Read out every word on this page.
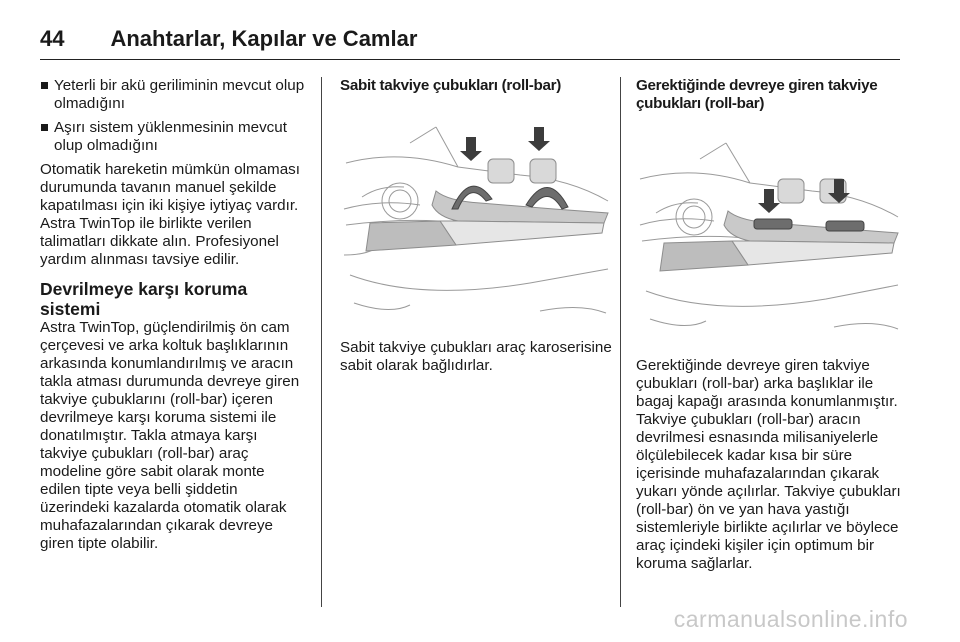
44 Anahtarlar, Kapılar ve Camlar
Yeterli bir akü geriliminin mevcut olup olmadığını
Aşırı sistem yüklenmesinin mevcut olup olmadığını

Otomatik hareketin mümkün olmaması durumunda tavanın manuel şekilde kapatılması için iki kişiye iytiyaç vardır. Astra TwinTop ile birlikte verilen talimatları dikkate alın. Profesiyonel yardım alınması tavsiye edilir.

Devrilmeye karşı koruma sistemi

Astra TwinTop, güçlendirilmiş ön cam çerçevesi ve arka koltuk başlıklarının arkasında konumlandırılmış ve aracın takla atması durumunda devreye giren takviye çubuklarını (roll-bar) içeren devrilmeye karşı koruma sistemi ile donatılmıştır. Takla atmaya karşı takviye çubukları (roll-bar) araç modeline göre sabit olarak monte edilen tipte veya belli şiddetin üzerindeki kazalarda otomatik olarak muhafazalarından çıkarak devreye giren tipte olabilir.

Sabit takviye çubukları (roll-bar)

Sabit takviye çubukları araç karoserisine sabit olarak bağlıdırlar.

Gerektiğinde devreye giren takviye çubukları (roll-bar)

Gerektiğinde devreye giren takviye çubukları (roll-bar) arka başlıklar ile bagaj kapağı arasında konumlanmıştır. Takviye çubukları (roll-bar) aracın devrilmesi esnasında milisaniyelerle ölçülebilecek kadar kısa bir süre içerisinde muhafazalarından çıkarak yukarı yönde açılırlar. Takviye çubukları (roll-bar) ön ve yan hava yastığı sistemleriyle birlikte açılırlar ve böylece araç içindeki kişiler için optimum bir koruma sağlarlar.

carmanualsonline.info
